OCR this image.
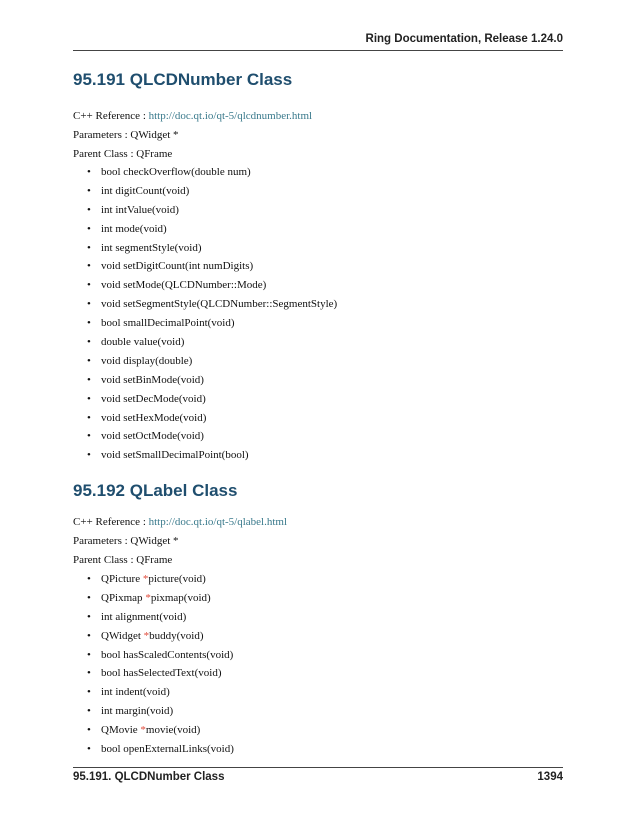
Ring Documentation, Release 1.24.0
95.191 QLCDNumber Class
C++ Reference : http://doc.qt.io/qt-5/qlcdnumber.html
Parameters : QWidget *
Parent Class : QFrame
• bool checkOverflow(double num)
• int digitCount(void)
• int intValue(void)
• int mode(void)
• int segmentStyle(void)
• void setDigitCount(int numDigits)
• void setMode(QLCDNumber::Mode)
• void setSegmentStyle(QLCDNumber::SegmentStyle)
• bool smallDecimalPoint(void)
• double value(void)
• void display(double)
• void setBinMode(void)
• void setDecMode(void)
• void setHexMode(void)
• void setOctMode(void)
• void setSmallDecimalPoint(bool)
95.192 QLabel Class
C++ Reference : http://doc.qt.io/qt-5/qlabel.html
Parameters : QWidget *
Parent Class : QFrame
• QPicture *picture(void)
• QPixmap *pixmap(void)
• int alignment(void)
• QWidget *buddy(void)
• bool hasScaledContents(void)
• bool hasSelectedText(void)
• int indent(void)
• int margin(void)
• QMovie *movie(void)
• bool openExternalLinks(void)
95.191. QLCDNumber Class	1394
